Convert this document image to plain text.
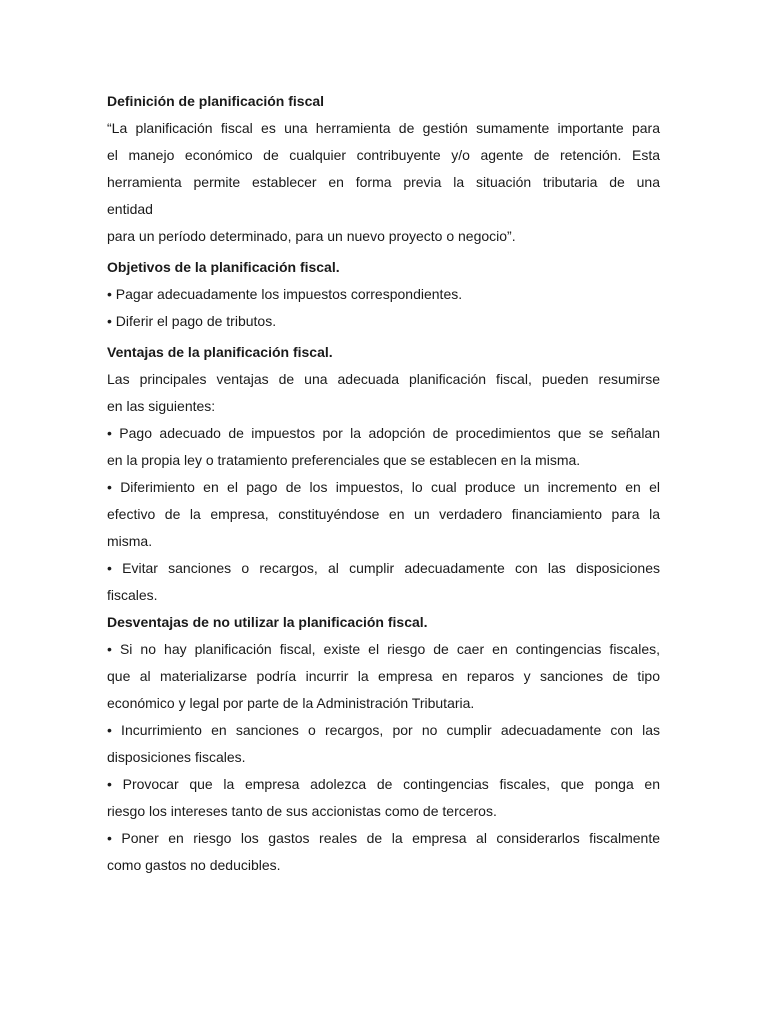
Definición de planificación fiscal

“La planificación fiscal es una herramienta de gestión sumamente importante para
el manejo económico de cualquier contribuyente y/o agente de retención. Esta
herramienta permite establecer en forma previa la situación tributaria de una
entidad
para un período determinado, para un nuevo proyecto o negocio”.

Objetivos de la planificación fiscal.

• Pagar adecuadamente los impuestos correspondientes.

• Diferir el pago de tributos.

Ventajas de la planificación fiscal.

Las principales ventajas de una adecuada planificación fiscal, pueden resumirse
en las siguientes:

• Pago adecuado de impuestos por la adopción de procedimientos que se señalan
en la propia ley o tratamiento preferenciales que se establecen en la misma.

• Diferimiento en el pago de los impuestos, lo cual produce un incremento en el
efectivo de la empresa, constituyéndose en un verdadero financiamiento para la
misma.

• Evitar sanciones o recargos, al cumplir adecuadamente con las disposiciones
fiscales.

Desventajas de no utilizar la planificación fiscal.

• Si no hay planificación fiscal, existe el riesgo de caer en contingencias fiscales,
que al materializarse podría incurrir la empresa en reparos y sanciones de tipo
económico y legal por parte de la Administración Tributaria.

• Incurrimiento en sanciones o recargos, por no cumplir adecuadamente con las
disposiciones fiscales.

• Provocar que la empresa adolezca de contingencias fiscales, que ponga en
riesgo los intereses tanto de sus accionistas como de terceros.

• Poner en riesgo los gastos reales de la empresa al considerarlos fiscalmente
como gastos no deducibles.
